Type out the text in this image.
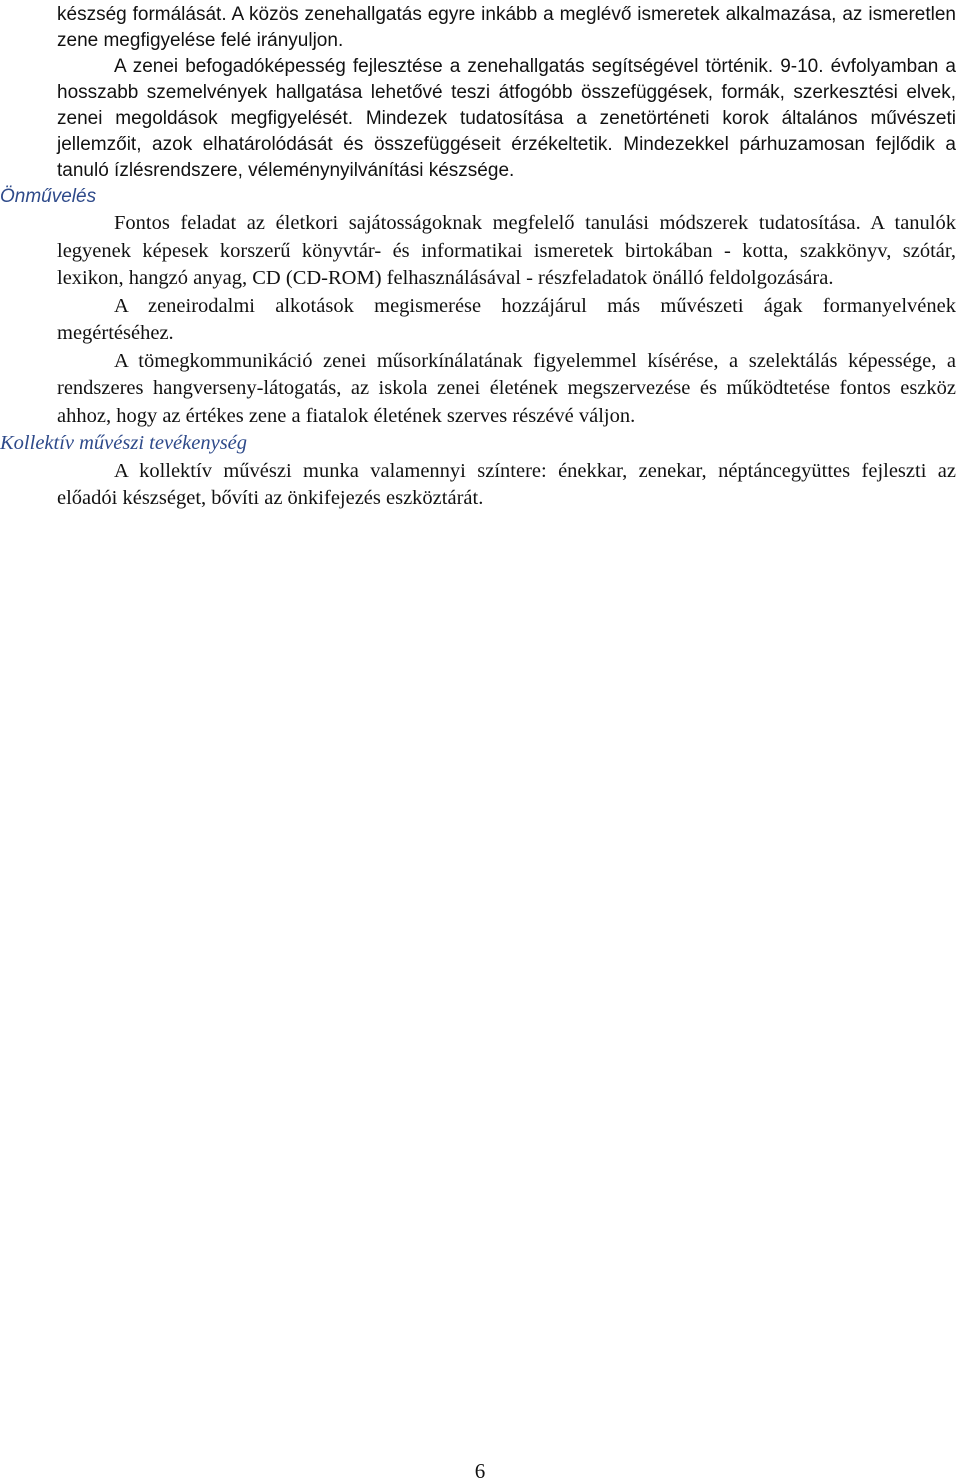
készség formálását. A közös zenehallgatás egyre inkább a meglévő ismeretek alkalmazása, az ismeretlen zene megfigyelése felé irányuljon.

A zenei befogadóképesség fejlesztése a zenehallgatás segítségével történik. 9-10. évfolyamban a hosszabb szemelvények hallgatása lehetővé teszi átfogóbb összefüggések, formák, szerkesztési elvek, zenei megoldások megfigyelését. Mindezek tudatosítása a zenetörténeti korok általános művészeti jellemzőit, azok elhatárolódását és összefüggéseit érzékeltetik. Mindezekkel párhuzamosan fejlődik a tanuló ízlésrendszere, véleménynyilvánítási készsége.

Önművelés

Fontos feladat az életkori sajátosságoknak megfelelő tanulási módszerek tudatosítása. A tanulók legyenek képesek korszerű könyvtár- és informatikai ismeretek birtokában - kotta, szakkönyv, szótár, lexikon, hangzó anyag, CD (CD-ROM) felhasználásával - részfeladatok önálló feldolgozására.

A zeneirodalmi alkotások megismerése hozzájárul más művészeti ágak formanyelvének megértéséhez.

A tömegkommunikáció zenei műsorkínálatának figyelemmel kísérése, a szelektálás képessége, a rendszeres hangverseny-látogatás, az iskola zenei életének megszervezése és működtetése fontos eszköz ahhoz, hogy az értékes zene a fiatalok életének szerves részévé váljon.

Kollektív művészi tevékenység

A kollektív művészi munka valamennyi színtere: énekkar, zenekar, néptáncegyüttes fejleszti az előadói készséget, bővíti az önkifejezés eszköztárát.

6
